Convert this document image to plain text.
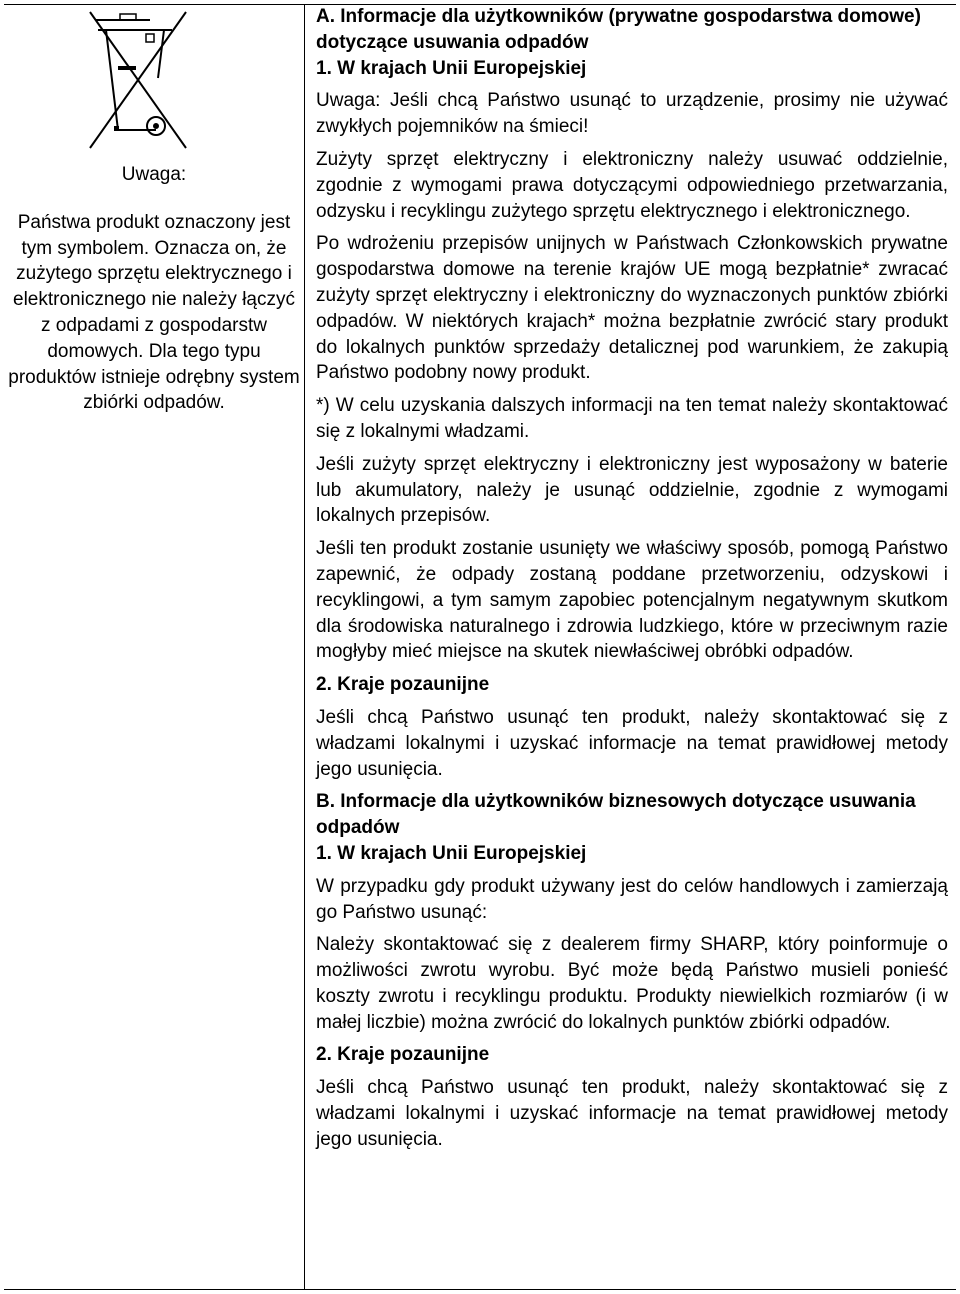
Uwaga:
Państwa produkt oznaczony jest tym symbolem. Oznacza on, że zużytego sprzętu elektrycznego i elektronicznego nie należy łączyć z odpadami z gospodarstw domowych. Dla tego typu produktów istnieje odrębny system zbiórki odpadów.
A. Informacje dla użytkowników (prywatne gospodarstwa domowe) dotyczące usuwania odpadów
1. W krajach Unii Europejskiej

Uwaga: Jeśli chcą Państwo usunąć to urządzenie, prosimy nie używać zwykłych pojemników na śmieci!

Zużyty sprzęt elektryczny i elektroniczny należy usuwać oddzielnie, zgodnie z wymogami prawa dotyczącymi odpowiedniego przetwarzania, odzysku i recyklingu zużytego sprzętu elektrycznego i elektronicznego.

Po wdrożeniu przepisów unijnych w Państwach Członkowskich prywatne gospodarstwa domowe na terenie krajów UE mogą bezpłatnie* zwracać zużyty sprzęt elektryczny i elektroniczny do wyznaczonych punktów zbiórki odpadów. W niektórych krajach* można bezpłatnie zwrócić stary produkt do lokalnych punktów sprzedaży detalicznej pod warunkiem, że zakupią Państwo podobny nowy produkt.

*) W celu uzyskania dalszych informacji na ten temat należy skontaktować się z lokalnymi władzami.

Jeśli zużyty sprzęt elektryczny i elektroniczny jest wyposażony w baterie lub akumulatory, należy je usunąć oddzielnie, zgodnie z wymogami lokalnych przepisów.

Jeśli ten produkt zostanie usunięty we właściwy sposób, pomogą Państwo zapewnić, że odpady zostaną poddane przetworzeniu, odzyskowi i recyklingowi, a tym samym zapobiec potencjalnym negatywnym skutkom dla środowiska naturalnego i zdrowia ludzkiego, które w przeciwnym razie mogłyby mieć miejsce na skutek niewłaściwej obróbki odpadów.

2. Kraje pozaunijne

Jeśli chcą Państwo usunąć ten produkt, należy skontaktować się z władzami lokalnymi i uzyskać informacje na temat prawidłowej metody jego usunięcia.

B. Informacje dla użytkowników biznesowych dotyczące usuwania odpadów
1. W krajach Unii Europejskiej

W przypadku gdy produkt używany jest do celów handlowych i zamierzają go Państwo usunąć:

Należy skontaktować się z dealerem firmy SHARP, który poinformuje o możliwości zwrotu wyrobu. Być może będą Państwo musieli ponieść koszty zwrotu i recyklingu produktu. Produkty niewielkich rozmiarów (i w małej liczbie) można zwrócić do lokalnych punktów zbiórki odpadów.

2. Kraje pozaunijne

Jeśli chcą Państwo usunąć ten produkt, należy skontaktować się z władzami lokalnymi i uzyskać informacje na temat prawidłowej metody jego usunięcia.
